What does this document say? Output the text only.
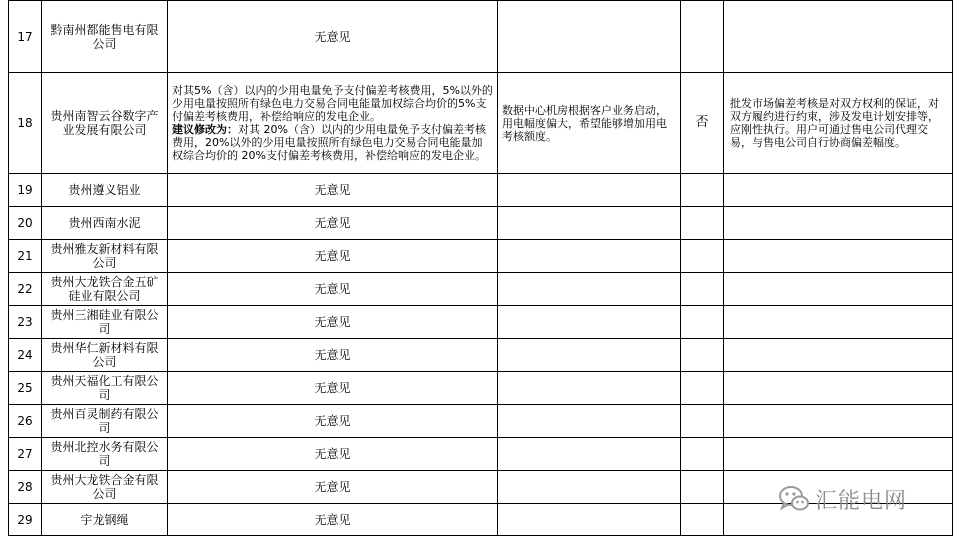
17	黔南州都能售电有限公司	无意见			
18	贵州南智云谷数字产业发展有限公司	对其5%（含）以内的少用电量免予支付偏差考核费用，5%以外的少用电量按照所有绿色电力交易合同电能量加权综合均价的5%支付偏差考核费用，补偿给响应的发电企业。
建议修改为：对其 20%（含）以内的少用电量免予支付偏差考核费用，20%以外的少用电量按照所有绿色电力交易合同电能量加权综合均价的 20%支付偏差考核费用，补偿给响应的发电企业。	数据中心机房根据客户业务启动，用电幅度偏大，希望能够增加用电考核额度。	否	批发市场偏差考核是对双方权利的保证，对双方履约进行约束，涉及发电计划安排等，应刚性执行。用户可通过售电公司代理交易，与售电公司自行协商偏差幅度。
19	贵州遵义铝业	无意见			
20	贵州西南水泥	无意见			
21	贵州雅友新材料有限公司	无意见			
22	贵州大龙铁合金五矿硅业有限公司	无意见			
23	贵州三湘硅业有限公司	无意见			
24	贵州华仁新材料有限公司	无意见			
25	贵州天福化工有限公司	无意见			
26	贵州百灵制药有限公司	无意见			
27	贵州北控水务有限公司	无意见			
28	贵州大龙铁合金有限公司	无意见			
29	宇龙钢绳	无意见			
汇能电网
